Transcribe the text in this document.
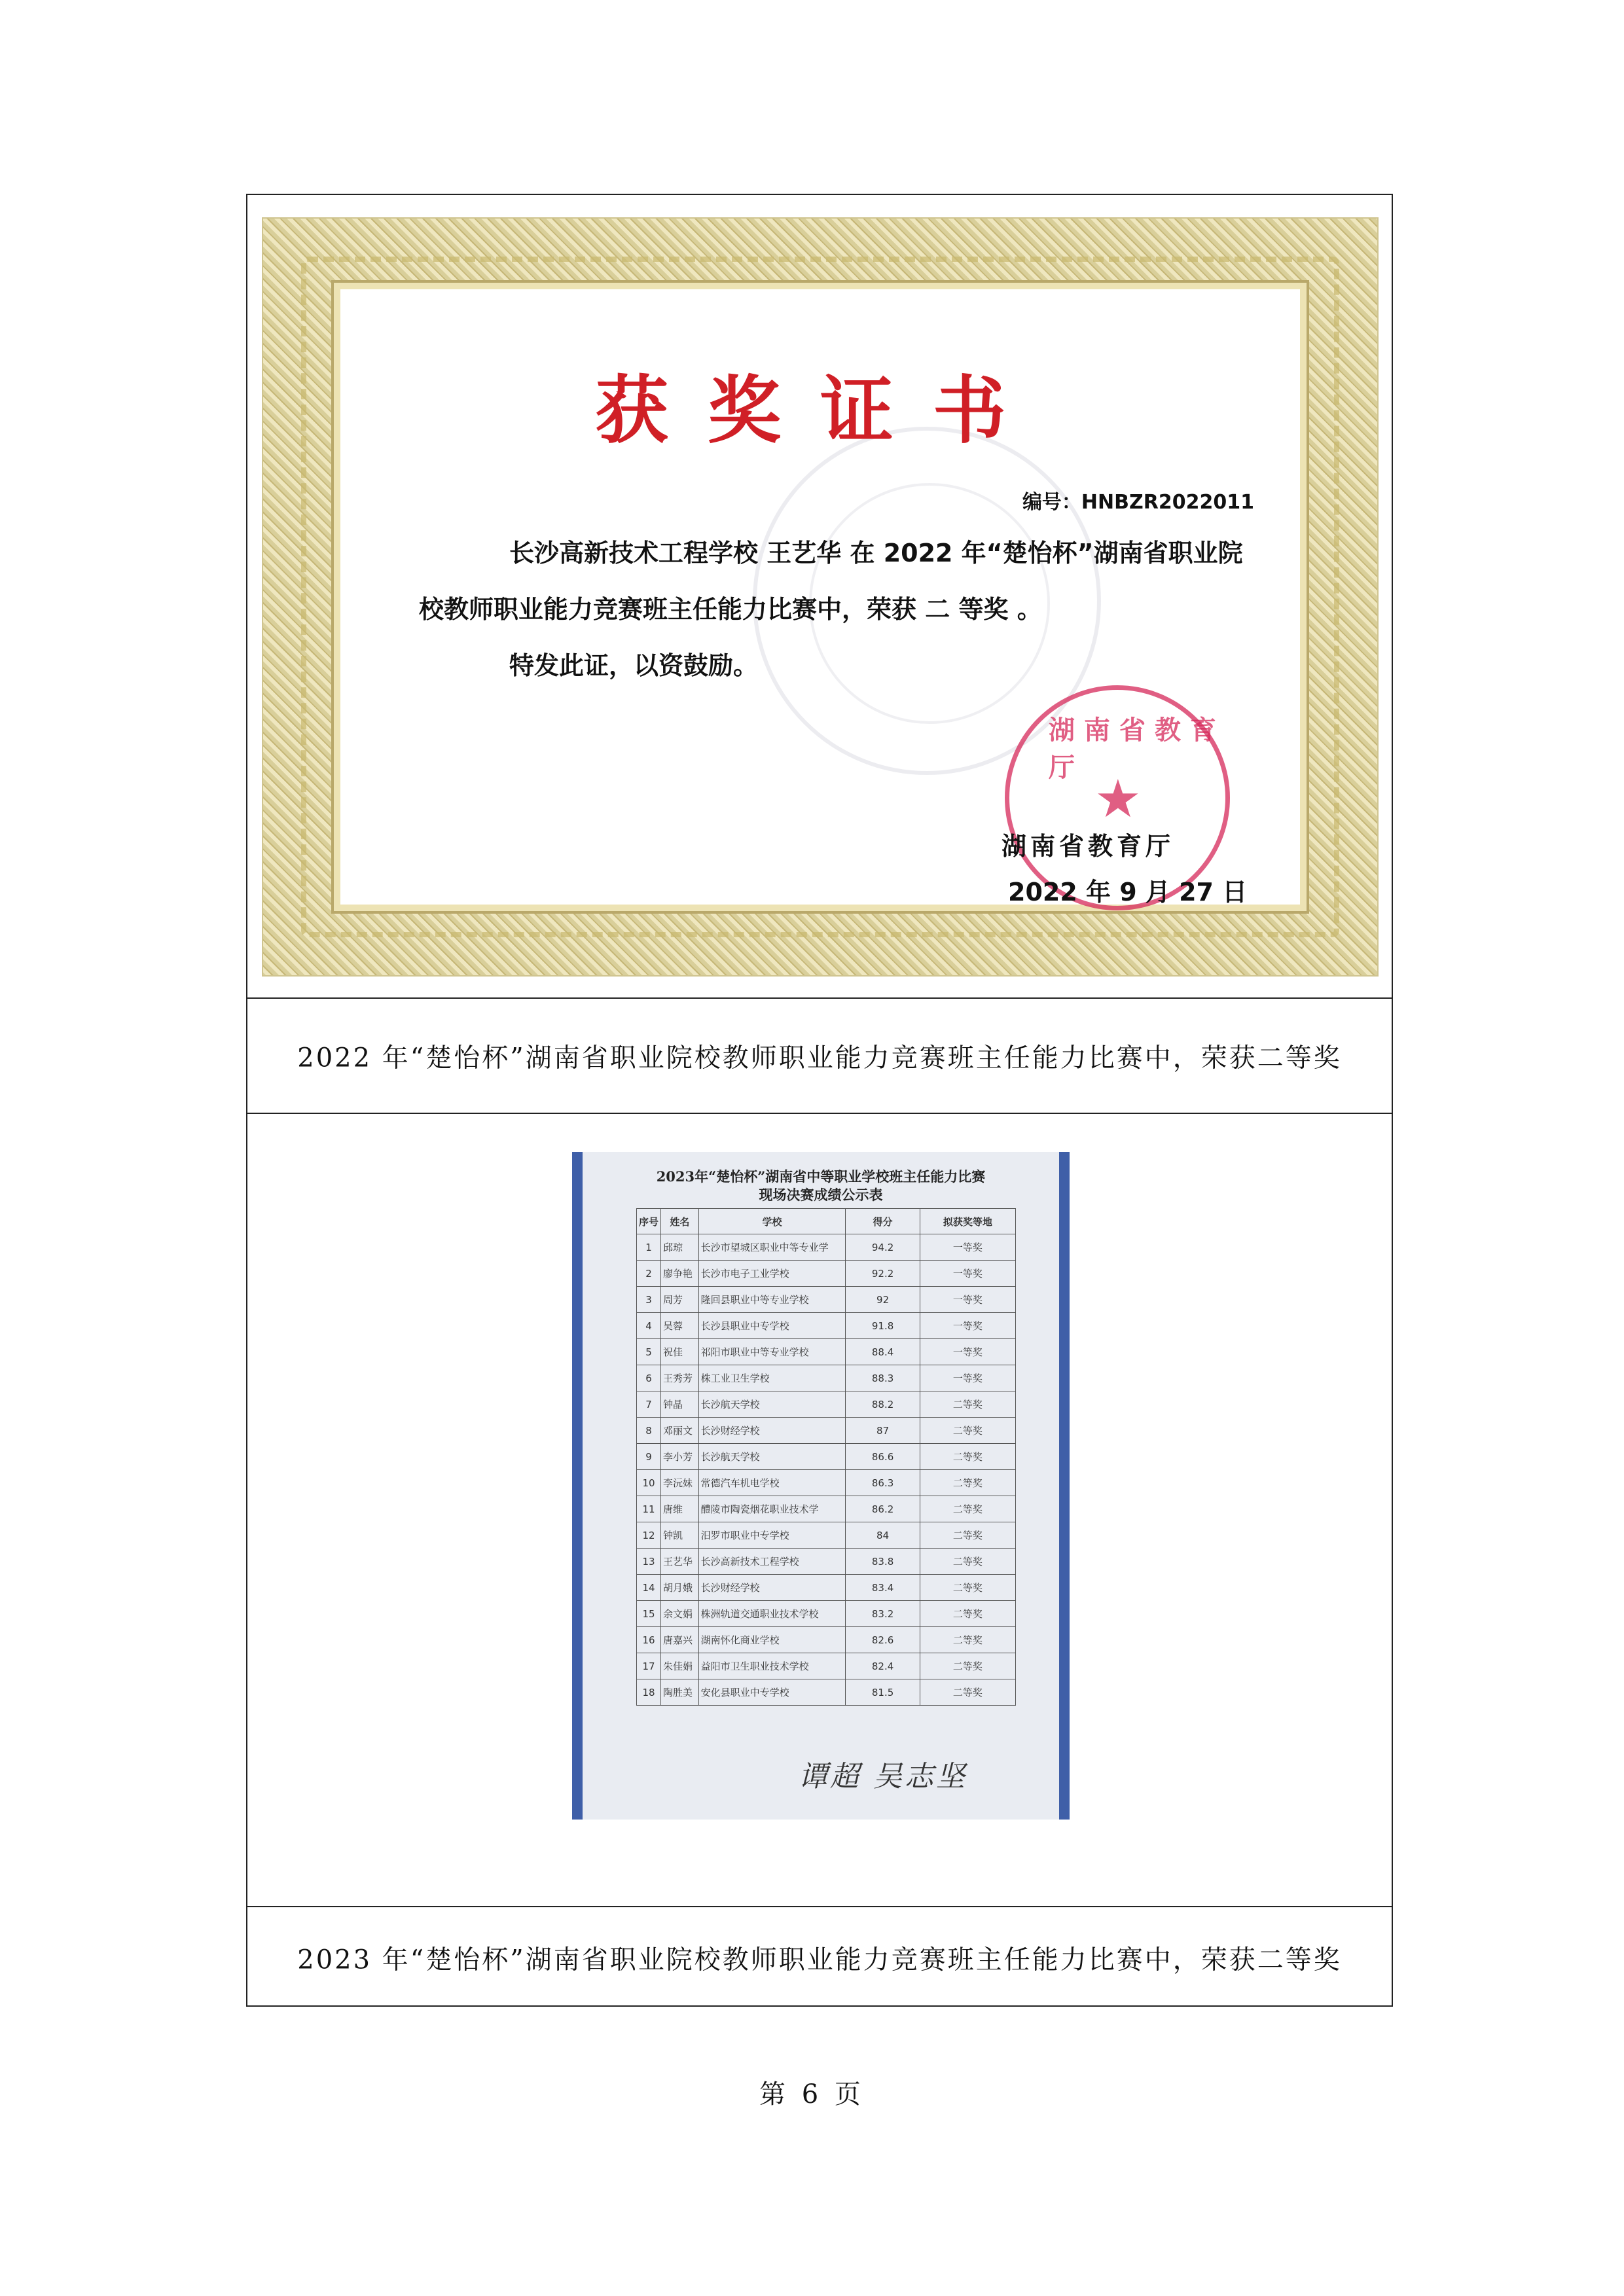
获奖证书
编号：HNBZR2022011

长沙高新技术工程学校 王艺华 在 2022 年“楚怡杯”湖南省职业院

校教师职业能力竞赛班主任能力比赛中，荣获 二 等奖 。

特发此证，以资鼓励。

湖南省教育厅
★
湖南省教育厅
2022 年 9 月 27 日
2022 年“楚怡杯”湖南省职业院校教师职业能力竞赛班主任能力比赛中，荣获二等奖
2023年“楚怡杯”湖南省中等职业学校班主任能力比赛
现场决赛成绩公示表
序号	姓名	学校	得分	拟获奖等地
1	邱琼	长沙市望城区职业中等专业学	94.2	一等奖
2	廖争艳	长沙市电子工业学校	92.2	一等奖
3	周芳	隆回县职业中等专业学校	92	一等奖
4	吴蓉	长沙县职业中专学校	91.8	一等奖
5	祝佳	祁阳市职业中等专业学校	88.4	一等奖
6	王秀芳	株工业卫生学校	88.3	一等奖
7	钟晶	长沙航天学校	88.2	二等奖
8	邓丽文	长沙财经学校	87	二等奖
9	李小芳	长沙航天学校	86.6	二等奖
10	李沅妹	常德汽车机电学校	86.3	二等奖
11	唐维	醴陵市陶瓷烟花职业技术学	86.2	二等奖
12	钟凯	汨罗市职业中专学校	84	二等奖
13	王艺华	长沙高新技术工程学校	83.8	二等奖
14	胡月娥	长沙财经学校	83.4	二等奖
15	余文娟	株洲轨道交通职业技术学校	83.2	二等奖
16	唐嘉兴	湖南怀化商业学校	82.6	二等奖
17	朱佳娟	益阳市卫生职业技术学校	82.4	二等奖
18	陶胜美	安化县职业中专学校	81.5	二等奖
谭超 吴志坚
2023 年“楚怡杯”湖南省职业院校教师职业能力竞赛班主任能力比赛中，荣获二等奖
第 6 页
